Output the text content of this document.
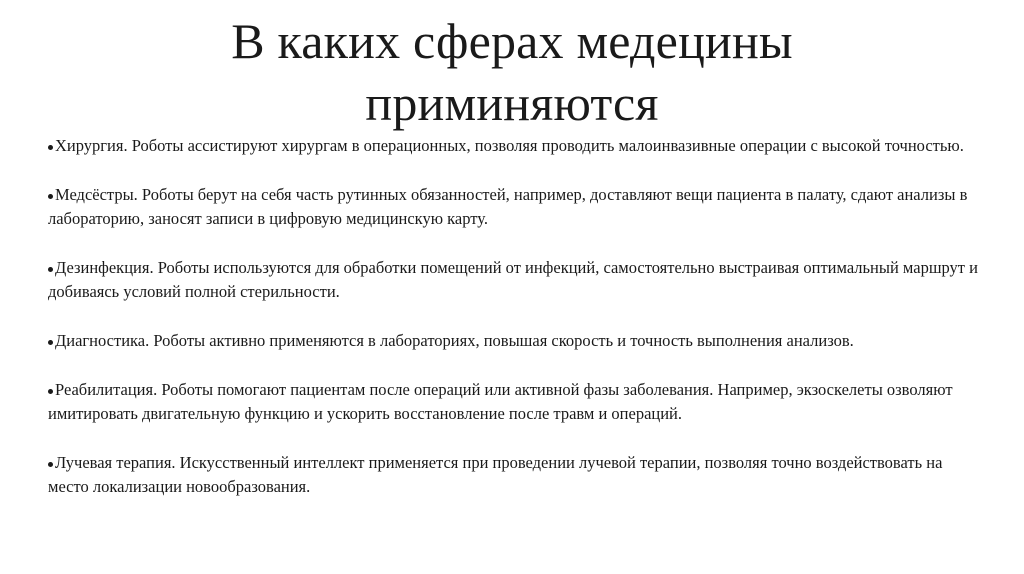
В каких сферах медецины
приминяются
Хирургия. Роботы ассистируют хирургам в операционных, позволяя проводить малоинвазивные операции с высокой точностью.
Медсёстры. Роботы берут на себя часть рутинных обязанностей, например, доставляют вещи пациента в палату, сдают анализы в лабораторию, заносят записи в цифровую медицинскую карту.
Дезинфекция. Роботы используются для обработки помещений от инфекций, самостоятельно выстраивая оптимальный маршрут и добиваясь условий полной стерильности.
Диагностика. Роботы активно применяются в лабораториях, повышая скорость и точность выполнения анализов.
Реабилитация. Роботы помогают пациентам после операций или активной фазы заболевания. Например, экзоскелеты озволяют имитировать двигательную функцию и ускорить восстановление после травм и операций.
Лучевая терапия. Искусственный интеллект применяется при проведении лучевой терапии, позволяя точно воздействовать на место локализации новообразования.
